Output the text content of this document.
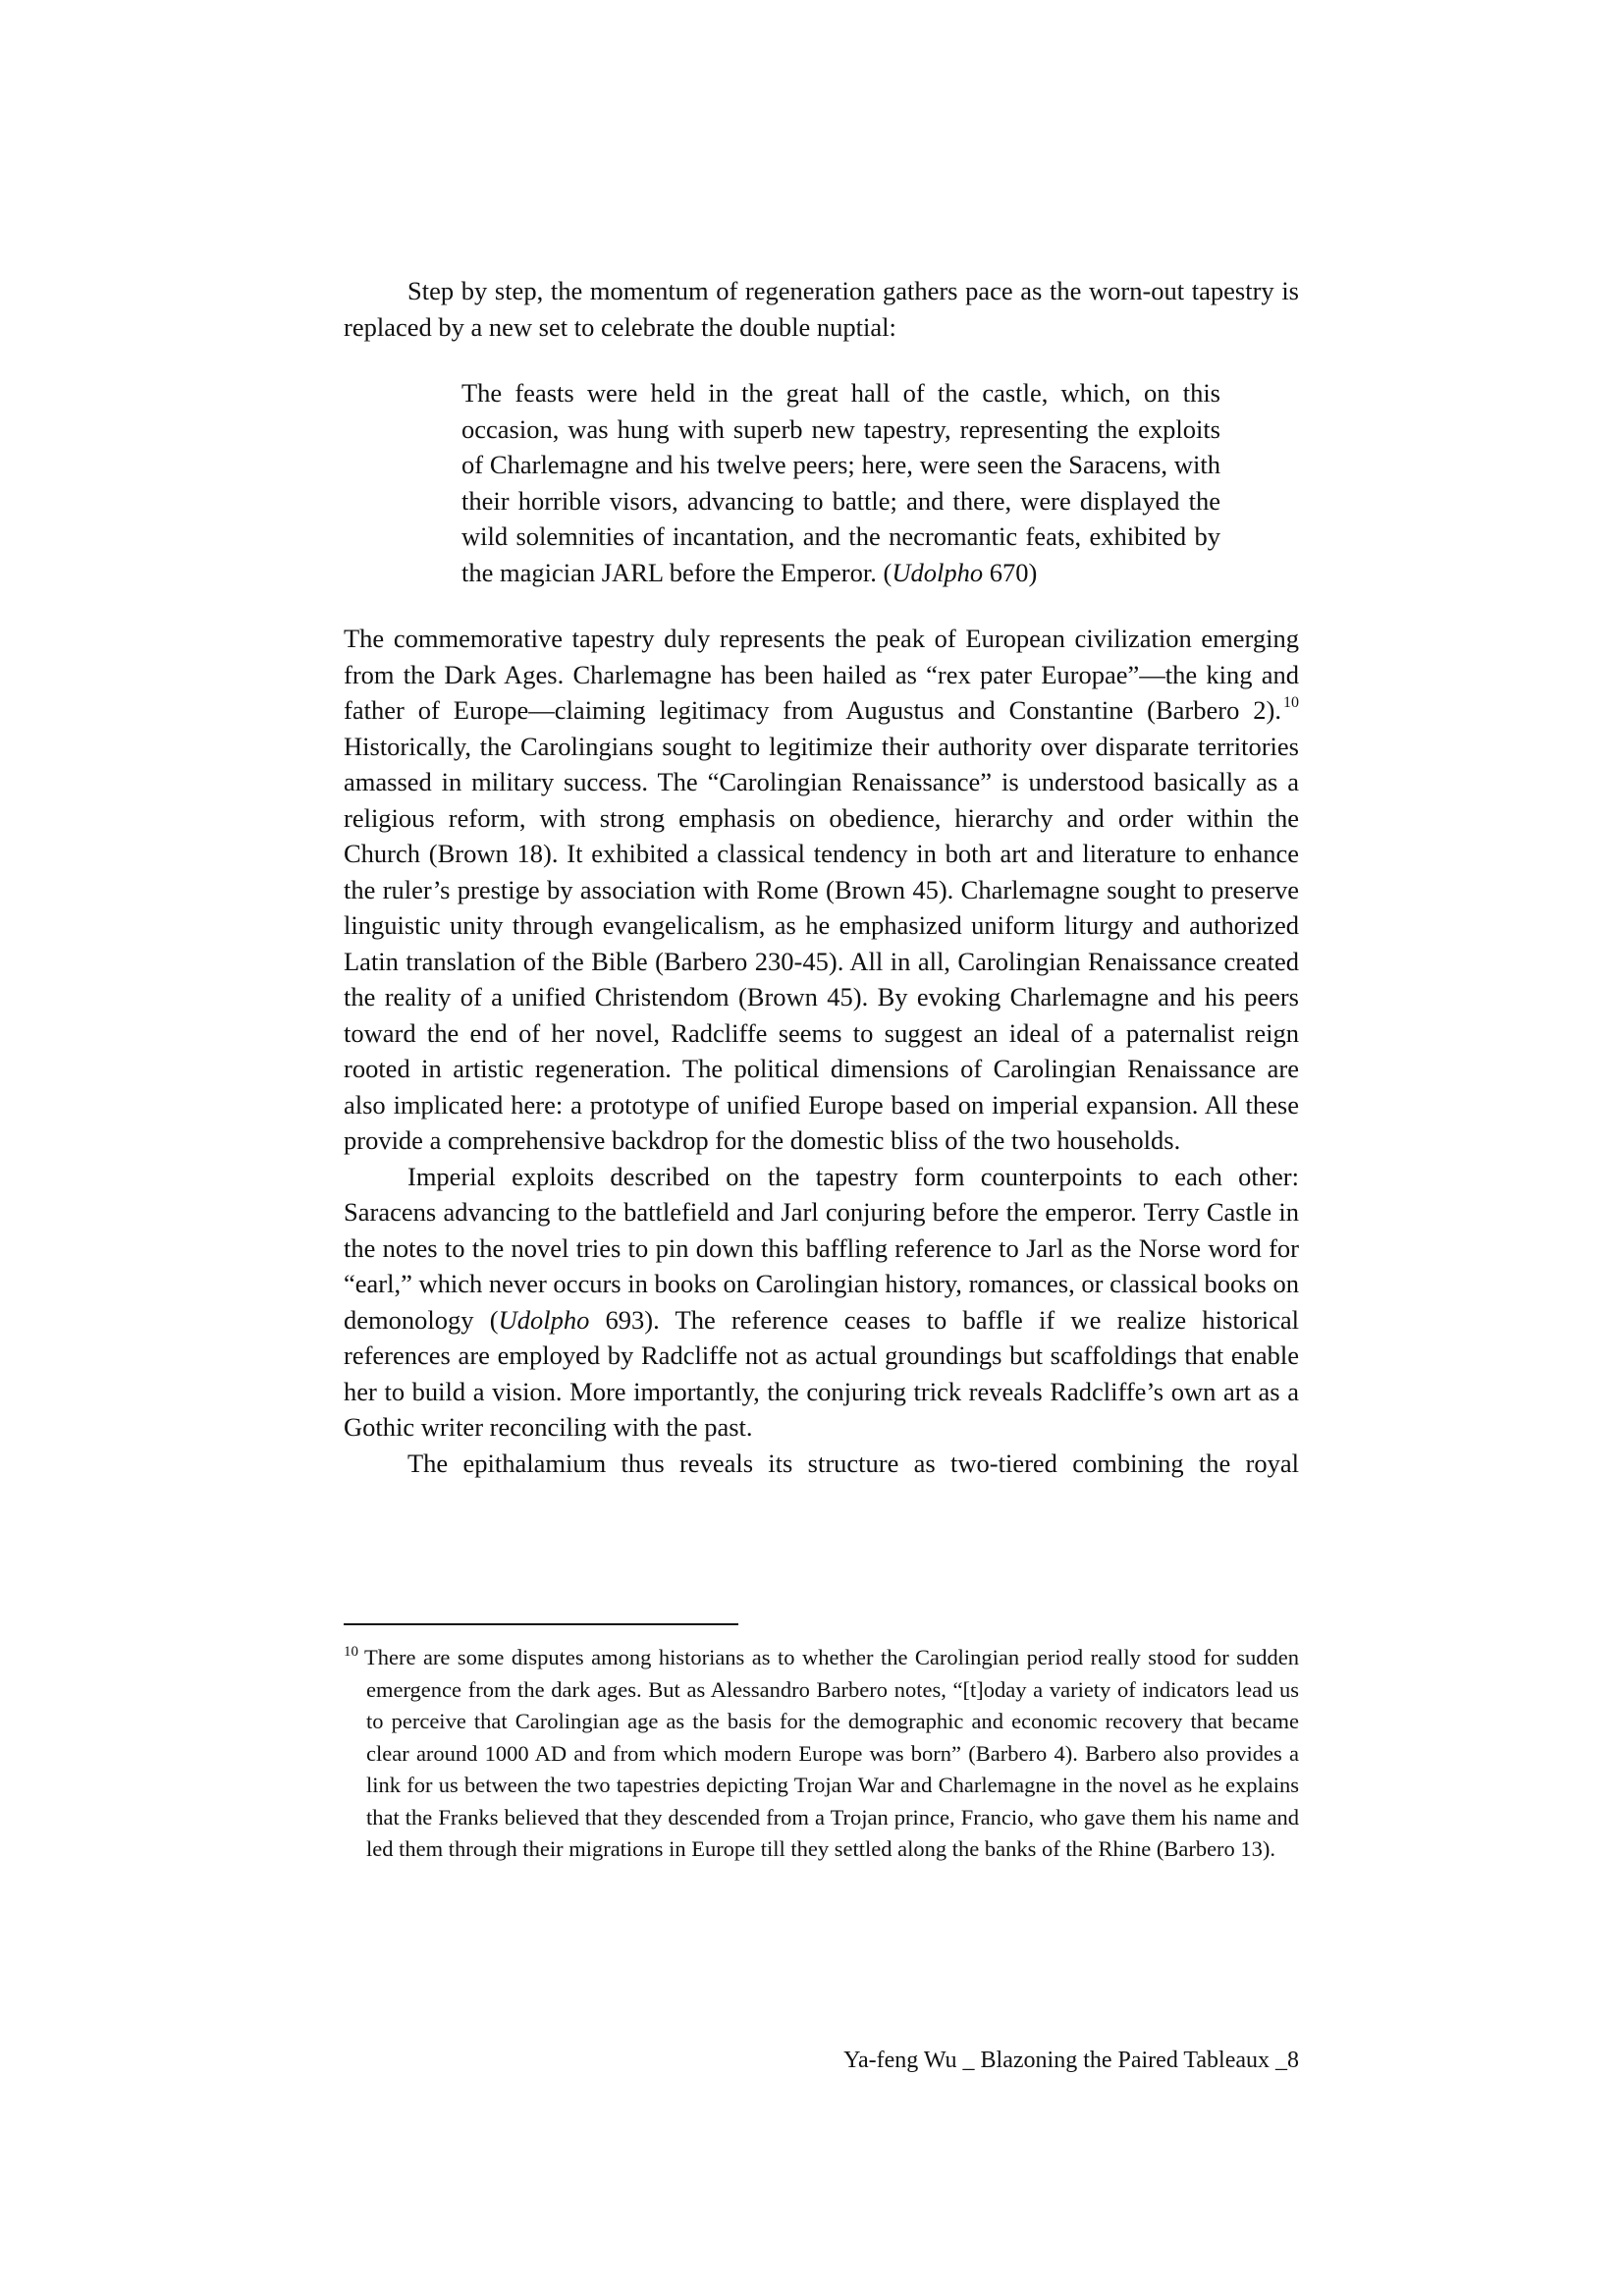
Step by step, the momentum of regeneration gathers pace as the worn-out tapestry is replaced by a new set to celebrate the double nuptial:

The feasts were held in the great hall of the castle, which, on this occasion, was hung with superb new tapestry, representing the exploits of Charlemagne and his twelve peers; here, were seen the Saracens, with their horrible visors, advancing to battle; and there, were displayed the wild solemnities of incantation, and the necromantic feats, exhibited by the magician JARL before the Emperor. (Udolpho 670)

The commemorative tapestry duly represents the peak of European civilization emerging from the Dark Ages. Charlemagne has been hailed as “rex pater Europae”—the king and father of Europe—claiming legitimacy from Augustus and Constantine (Barbero 2). $^{10}$ Historically, the Carolingians sought to legitimize their authority over disparate territories amassed in military success. The “Carolingian Renaissance” is understood basically as a religious reform, with strong emphasis on obedience, hierarchy and order within the Church (Brown 18). It exhibited a classical tendency in both art and literature to enhance the ruler’s prestige by association with Rome (Brown 45). Charlemagne sought to preserve linguistic unity through evangelicalism, as he emphasized uniform liturgy and authorized Latin translation of the Bible (Barbero 230-45). All in all, Carolingian Renaissance created the reality of a unified Christendom (Brown 45). By evoking Charlemagne and his peers toward the end of her novel, Radcliffe seems to suggest an ideal of a paternalist reign rooted in artistic regeneration. The political dimensions of Carolingian Renaissance are also implicated here: a prototype of unified Europe based on imperial expansion. All these provide a comprehensive backdrop for the domestic bliss of the two households.

Imperial exploits described on the tapestry form counterpoints to each other: Saracens advancing to the battlefield and Jarl conjuring before the emperor. Terry Castle in the notes to the novel tries to pin down this baffling reference to Jarl as the Norse word for “earl,” which never occurs in books on Carolingian history, romances, or classical books on demonology (Udolpho 693). The reference ceases to baffle if we realize historical references are employed by Radcliffe not as actual groundings but scaffoldings that enable her to build a vision. More importantly, the conjuring trick reveals Radcliffe’s own art as a Gothic writer reconciling with the past.

The epithalamium thus reveals its structure as two-tiered combining the royal

$^{10}$ There are some disputes among historians as to whether the Carolingian period really stood for sudden emergence from the dark ages. But as Alessandro Barbero notes, “[t]oday a variety of indicators lead us to perceive that Carolingian age as the basis for the demographic and economic recovery that became clear around 1000 AD and from which modern Europe was born” (Barbero 4). Barbero also provides a link for us between the two tapestries depicting Trojan War and Charlemagne in the novel as he explains that the Franks believed that they descended from a Trojan prince, Francio, who gave them his name and led them through their migrations in Europe till they settled along the banks of the Rhine (Barbero 13).

Ya-feng Wu _ Blazoning the Paired Tableaux _8
